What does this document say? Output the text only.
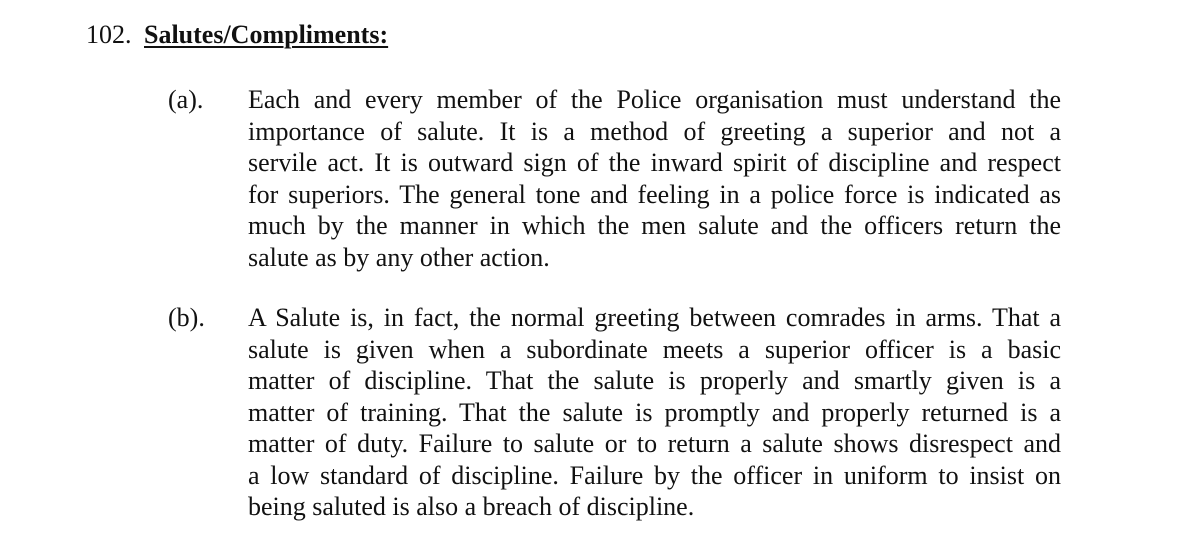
102. Salutes/Compliments:
(a). Each and every member of the Police organisation must understand the
importance of salute. It is a method of greeting a superior and not a
servile act. It is outward sign of the inward spirit of discipline and respect
for superiors. The general tone and feeling in a police force is indicated as
much by the manner in which the men salute and the officers return the
salute as by any other action.
(b). A Salute is, in fact, the normal greeting between comrades in arms. That a
salute is given when a subordinate meets a superior officer is a basic
matter of discipline. That the salute is properly and smartly given is a
matter of training. That the salute is promptly and properly returned is a
matter of duty. Failure to salute or to return a salute shows disrespect and
a low standard of discipline. Failure by the officer in uniform to insist on
being saluted is also a breach of discipline.
